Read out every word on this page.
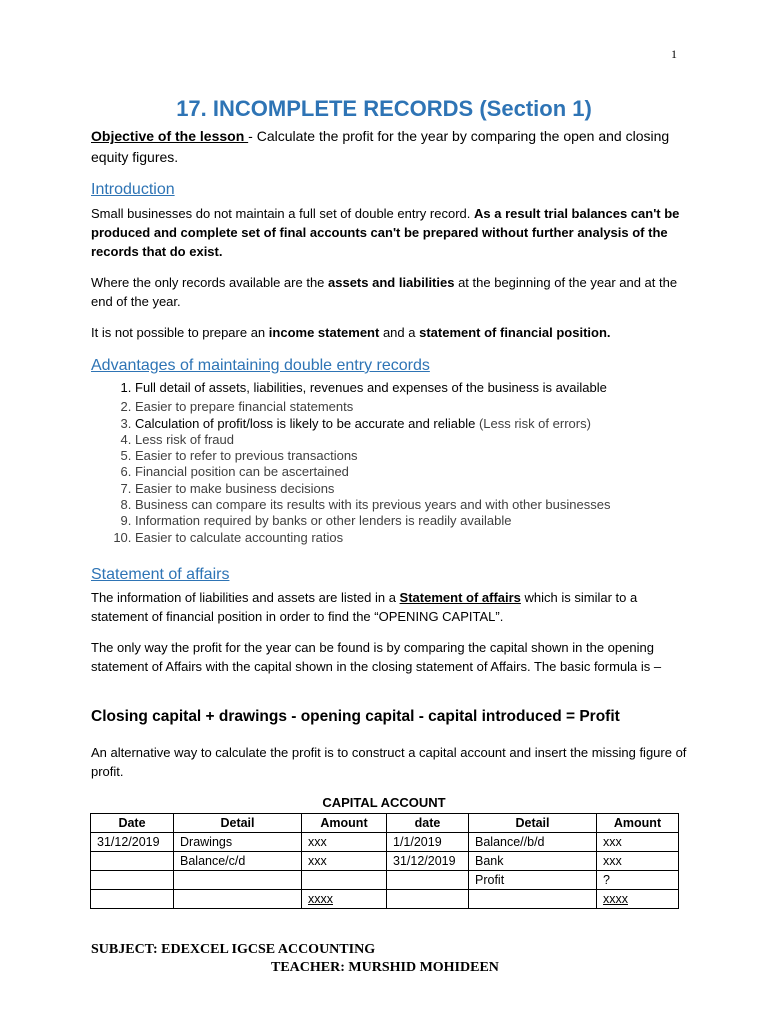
1
17. INCOMPLETE RECORDS (Section 1)
Objective of the lesson - Calculate the profit for the year by comparing the open and closing equity figures.
Introduction
Small businesses do not maintain a full set of double entry record. As a result trial balances can't be produced and complete set of final accounts can't be prepared without further analysis of the records that do exist.
Where the only records available are the assets and liabilities at the beginning of the year and at the end of the year.
It is not possible to prepare an income statement and a statement of financial position.
Advantages of maintaining double entry records
1. Full detail of assets, liabilities, revenues and expenses of the business is available
2. Easier to prepare financial statements
3. Calculation of profit/loss is likely to be accurate and reliable (Less risk of errors)
4. Less risk of fraud
5. Easier to refer to previous transactions
6. Financial position can be ascertained
7. Easier to make business decisions
8. Business can compare its results with its previous years and with other businesses
9. Information required by banks or other lenders is readily available
10. Easier to calculate accounting ratios
Statement of affairs
The information of liabilities and assets are listed in a Statement of affairs which is similar to a statement of financial position in order to find the “OPENING CAPITAL”.
The only way the profit for the year can be found is by comparing the capital shown in the opening statement of Affairs with the capital shown in the closing statement of Affairs. The basic formula is –
Closing capital + drawings - opening capital - capital introduced = Profit
An alternative way to calculate the profit is to construct a capital account and insert the missing figure of profit.
CAPITAL ACCOUNT
Date	Detail	Amount	date	Detail	Amount
31/12/2019	Drawings	xxx	1/1/2019	Balance//b/d	xxx
	Balance/c/d	xxx	31/12/2019	Bank	xxx
				Profit	?
		xxxx			xxxx
SUBJECT: EDEXCEL IGCSE ACCOUNTING
TEACHER: MURSHID MOHIDEEN
